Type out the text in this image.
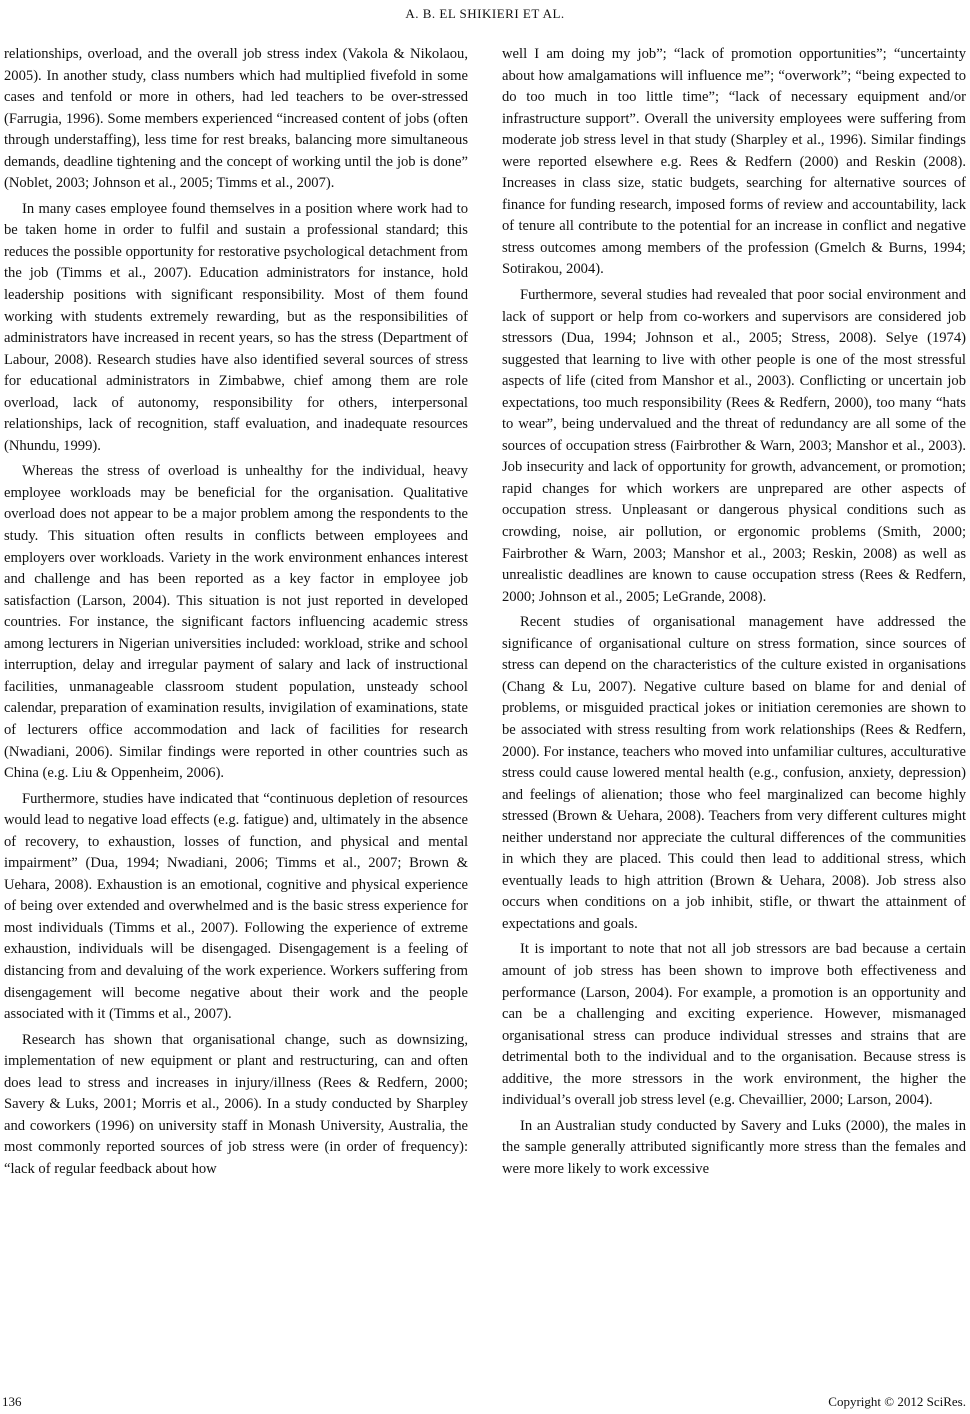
A. B. EL SHIKIERI ET AL.

relationships, overload, and the overall job stress index (Vakola & Nikolaou, 2005). In another study, class numbers which had multiplied fivefold in some cases and tenfold or more in others, had led teachers to be over-stressed (Farrugia, 1996). Some members experienced “increased content of jobs (often through understaffing), less time for rest breaks, balancing more simultaneous demands, deadline tightening and the concept of working until the job is done” (Noblet, 2003; Johnson et al., 2005; Timms et al., 2007).

In many cases employee found themselves in a position where work had to be taken home in order to fulfil and sustain a professional standard; this reduces the possible opportunity for restorative psychological detachment from the job (Timms et al., 2007). Education administrators for instance, hold leadership positions with significant responsibility. Most of them found working with students extremely rewarding, but as the responsibilities of administrators have increased in recent years, so has the stress (Department of Labour, 2008). Research studies have also identified several sources of stress for educational administrators in Zimbabwe, chief among them are role overload, lack of autonomy, responsibility for others, interpersonal relationships, lack of recognition, staff evaluation, and inadequate resources (Nhundu, 1999).

Whereas the stress of overload is unhealthy for the individual, heavy employee workloads may be beneficial for the organisation. Qualitative overload does not appear to be a major problem among the respondents to the study. This situation often results in conflicts between employees and employers over workloads. Variety in the work environment enhances interest and challenge and has been reported as a key factor in employee job satisfaction (Larson, 2004). This situation is not just reported in developed countries. For instance, the significant factors influencing academic stress among lecturers in Nigerian universities included: workload, strike and school interruption, delay and irregular payment of salary and lack of instructional facilities, unmanageable classroom student population, unsteady school calendar, preparation of examination results, invigilation of examinations, state of lecturers office accommodation and lack of facilities for research (Nwadiani, 2006). Similar findings were reported in other countries such as China (e.g. Liu & Oppenheim, 2006).

Furthermore, studies have indicated that “continuous depletion of resources would lead to negative load effects (e.g. fatigue) and, ultimately in the absence of recovery, to exhaustion, losses of function, and physical and mental impairment” (Dua, 1994; Nwadiani, 2006; Timms et al., 2007; Brown & Uehara, 2008). Exhaustion is an emotional, cognitive and physical experience of being over extended and overwhelmed and is the basic stress experience for most individuals (Timms et al., 2007). Following the experience of extreme exhaustion, individuals will be disengaged. Disengagement is a feeling of distancing from and devaluing of the work experience. Workers suffering from disengagement will become negative about their work and the people associated with it (Timms et al., 2007).

Research has shown that organisational change, such as downsizing, implementation of new equipment or plant and restructuring, can and often does lead to stress and increases in injury/illness (Rees & Redfern, 2000; Savery & Luks, 2001; Morris et al., 2006). In a study conducted by Sharpley and coworkers (1996) on university staff in Monash University, Australia, the most commonly reported sources of job stress were (in order of frequency): “lack of regular feedback about how

well I am doing my job”; “lack of promotion opportunities”; “uncertainty about how amalgamations will influence me”; “overwork”; “being expected to do too much in too little time”; “lack of necessary equipment and/or infrastructure support”. Overall the university employees were suffering from moderate job stress level in that study (Sharpley et al., 1996). Similar findings were reported elsewhere e.g. Rees & Redfern (2000) and Reskin (2008). Increases in class size, static budgets, searching for alternative sources of finance for funding research, imposed forms of review and accountability, lack of tenure all contribute to the potential for an increase in conflict and negative stress outcomes among members of the profession (Gmelch & Burns, 1994; Sotirakou, 2004).

Furthermore, several studies had revealed that poor social environment and lack of support or help from co-workers and supervisors are considered job stressors (Dua, 1994; Johnson et al., 2005; Stress, 2008). Selye (1974) suggested that learning to live with other people is one of the most stressful aspects of life (cited from Manshor et al., 2003). Conflicting or uncertain job expectations, too much responsibility (Rees & Redfern, 2000), too many “hats to wear”, being undervalued and the threat of redundancy are all some of the sources of occupation stress (Fairbrother & Warn, 2003; Manshor et al., 2003). Job insecurity and lack of opportunity for growth, advancement, or promotion; rapid changes for which workers are unprepared are other aspects of occupation stress. Unpleasant or dangerous physical conditions such as crowding, noise, air pollution, or ergonomic problems (Smith, 2000; Fairbrother & Warn, 2003; Manshor et al., 2003; Reskin, 2008) as well as unrealistic deadlines are known to cause occupation stress (Rees & Redfern, 2000; Johnson et al., 2005; LeGrande, 2008).

Recent studies of organisational management have addressed the significance of organisational culture on stress formation, since sources of stress can depend on the characteristics of the culture existed in organisations (Chang & Lu, 2007). Negative culture based on blame for and denial of problems, or misguided practical jokes or initiation ceremonies are shown to be associated with stress resulting from work relationships (Rees & Redfern, 2000). For instance, teachers who moved into unfamiliar cultures, acculturative stress could cause lowered mental health (e.g., confusion, anxiety, depression) and feelings of alienation; those who feel marginalized can become highly stressed (Brown & Uehara, 2008). Teachers from very different cultures might neither understand nor appreciate the cultural differences of the communities in which they are placed. This could then lead to additional stress, which eventually leads to high attrition (Brown & Uehara, 2008). Job stress also occurs when conditions on a job inhibit, stifle, or thwart the attainment of expectations and goals.

It is important to note that not all job stressors are bad because a certain amount of job stress has been shown to improve both effectiveness and performance (Larson, 2004). For example, a promotion is an opportunity and can be a challenging and exciting experience. However, mismanaged organisational stress can produce individual stresses and strains that are detrimental both to the individual and to the organisation. Because stress is additive, the more stressors in the work environment, the higher the individual’s overall job stress level (e.g. Chevaillier, 2000; Larson, 2004).

In an Australian study conducted by Savery and Luks (2000), the males in the sample generally attributed significantly more stress than the females and were more likely to work excessive

136	Copyright © 2012 SciRes.
